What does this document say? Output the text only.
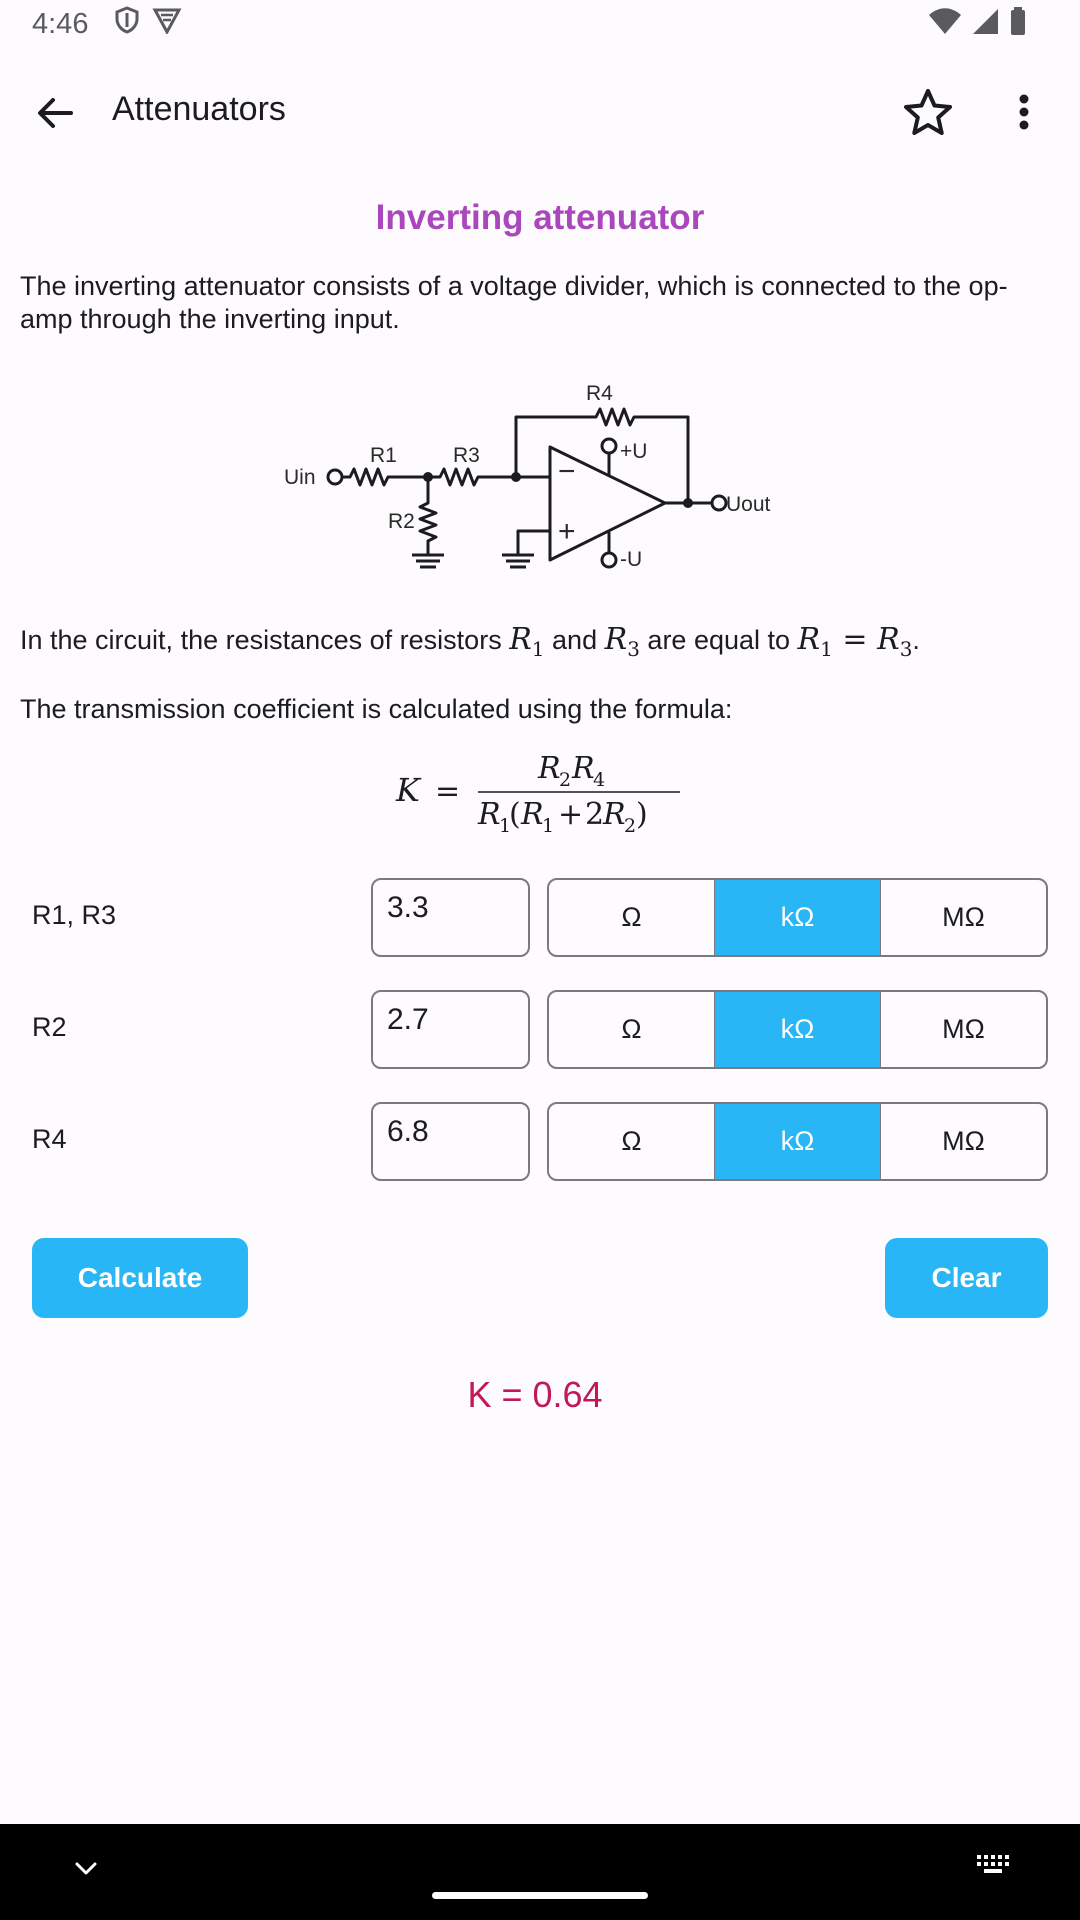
4:46
Attenuators
Inverting attenuator
The inverting attenuator consists of a voltage divider, which is connected to the op-amp through the inverting input.
Uin
R1	R3
R2
R4
Uout
+U
-U
−
+
In the circuit, the resistances of resistors $R_1$ and $R_3$ are equal to $R_1 = R_3$.
The transmission coefficient is calculated using the formula:
K =
R
2 R
4
R
1
( R
1 + 2
R
2 )
R1, R3
3.3	Ω	kΩ	MΩ
R2
2.7	Ω	kΩ	MΩ
R4
6.8	Ω	kΩ	MΩ
Calculate	Clear
K = 0.64
